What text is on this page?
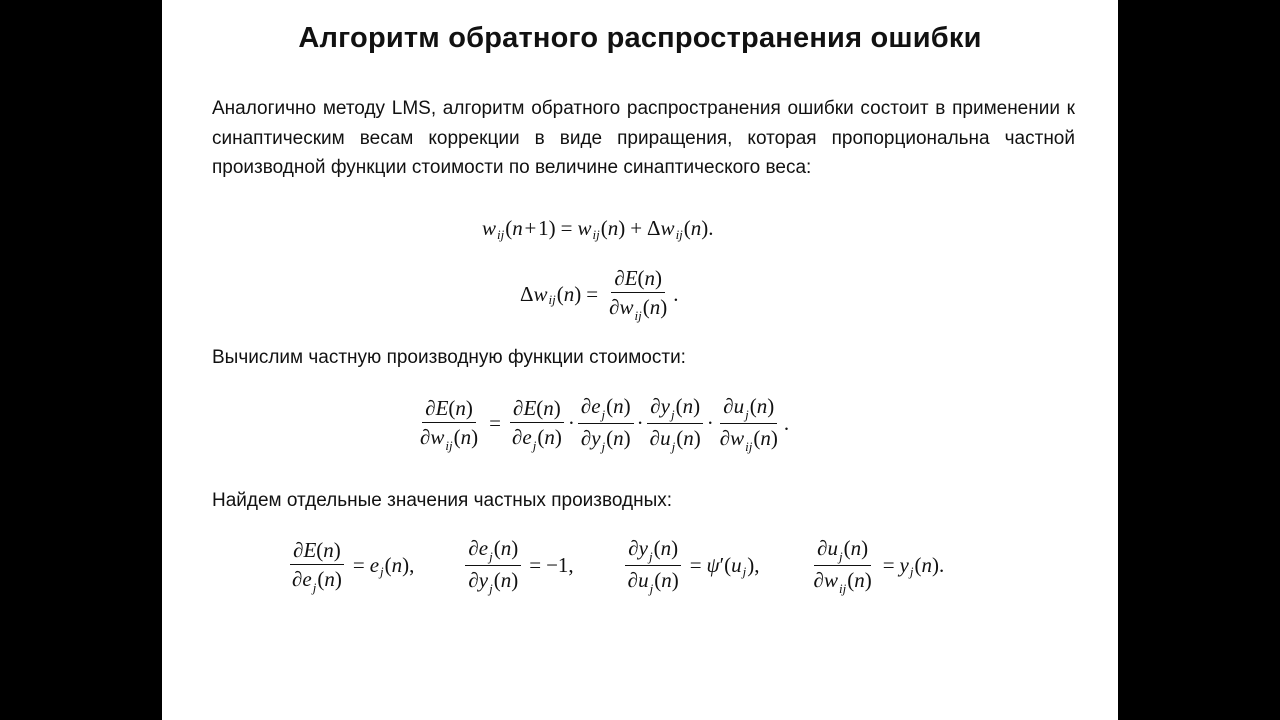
Алгоритм обратного распространения ошибки
Аналогично методу LMS, алгоритм обратного распространения ошибки состоит в применении к синаптическим весам коррекции в виде приращения, которая пропорциональна частной производной функции стоимости по величине синаптического веса:
w ij ( n  + 1) = w ij ( n ) + Δ w ij ( n ).
Δ w ij ( n ) = $\frac{\partial E(n)}{\partial w_{ij}(n)}$ .
Вычислим частную производную функции стоимости:
$\frac{\partial E(n)}{\partial w_{ij}(n)} = \frac{\partial E(n)}{\partial e_j(n)} \cdot \frac{\partial e_j(n)}{\partial y_j(n)} \cdot \frac{\partial y_j(n)}{\partial u_j(n)} \cdot \frac{\partial u_j(n)}{\partial w_{ij}(n)}$ .
Найдем отдельные значения частных производных:
$\frac{\partial E(n)}{\partial e_j(n)} = e$ j ( n ), $\frac{\partial e_j(n)}{\partial y_j(n)} = -1$, $\frac{\partial y_j(n)}{\partial u_j(n)} = \psi$ ′( u j ), $\frac{\partial u_j(n)}{\partial w_{ij}(n)} = y$ j ( n ).
